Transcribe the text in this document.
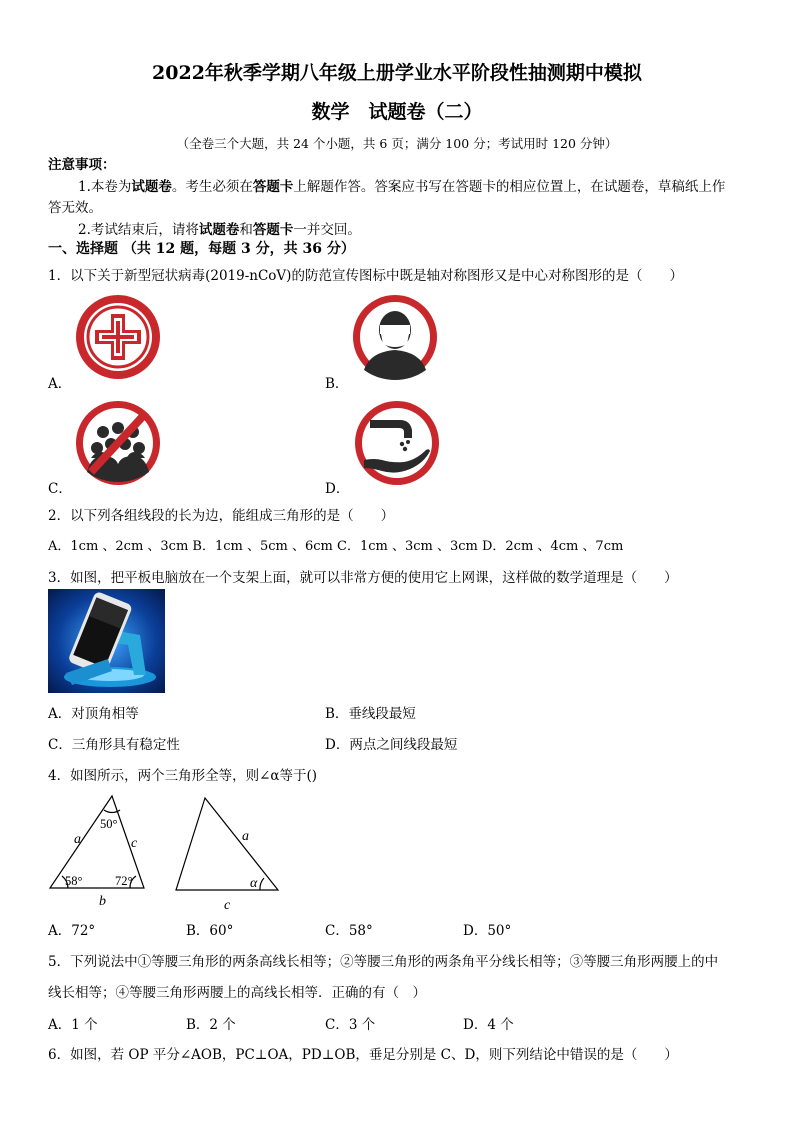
2022年秋季学期八年级上册学业水平阶段性抽测期中模拟
数学　试题卷（二）
（全卷三个大题，共 24 个小题，共 6 页；满分 100 分；考试用时 120 分钟）
注意事项：
1.本卷为试题卷。考生必须在答题卡上解题作答。答案应书写在答题卡的相应位置上，在试题卷，草稿纸上作
答无效。
2.考试结束后，请将试题卷和答题卡一并交回。
一、选择题 （共 12 题，每题 3 分，共 36 分）
1．以下关于新型冠状病毒(2019-nCoV)的防范宣传图标中既是轴对称图形又是中心对称图形的是（　　）
A．	B．
C．	D．
2．以下列各组线段的长为边，能组成三角形的是（　　）
A．1cm 、2cm 、3cm B．1cm 、5cm 、6cm C．1cm 、3cm 、3cm D．2cm 、4cm 、7cm
3．如图，把平板电脑放在一个支架上面，就可以非常方便的使用它上网课，这样做的数学道理是（　　）
A．对顶角相等	B．垂线段最短
C．三角形具有稳定性	D．两点之间线段最短
4．如图所示，两个三角形全等，则∠α等于()
50°
58°	72°
a	c
b
a
c
α
A．72°	B．60°	C．58°	D．50°
5．下列说法中①等腰三角形的两条高线长相等；②等腰三角形的两条角平分线长相等；③等腰三角形两腰上的中
线长相等；④等腰三角形两腰上的高线长相等．正确的有（　）
A．1 个	B．2 个	C．3 个	D．4 个
6．如图，若 OP 平分∠AOB，PC⊥OA，PD⊥OB，垂足分别是 C、D，则下列结论中错误的是（　　）
